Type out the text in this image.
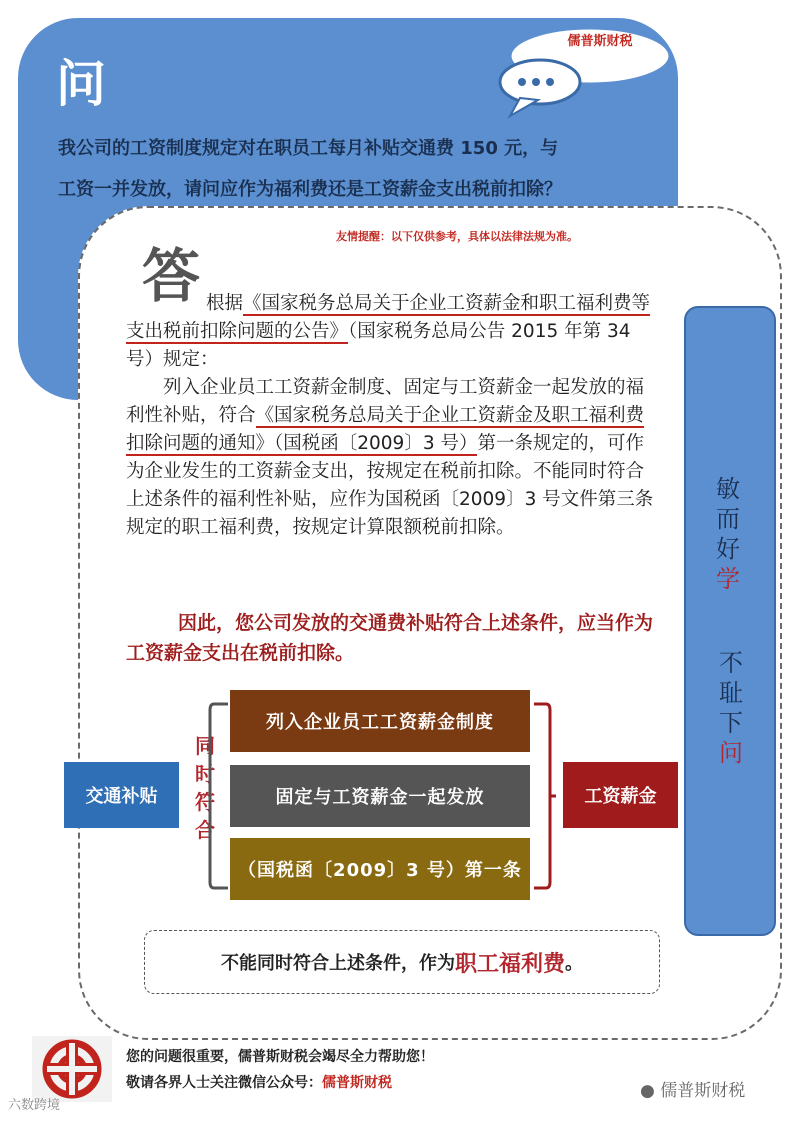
问
儒普斯财税
我公司的工资制度规定对在职员工每月补贴交通费 150 元，与
工资一并发放，请问应作为福利费还是工资薪金支出税前扣除？
友情提醒：以下仅供参考，具体以法律法规为准。
答 根据《国家税务总局关于企业工资薪金和职工福利费等支出税前扣除问题的公告》（国家税务总局公告 2015 年第 34 号）规定：

列入企业员工工资薪金制度、固定与工资薪金一起发放的福利性补贴，符合《国家税务总局关于企业工资薪金及职工福利费扣除问题的通知》（国税函〔2009〕3 号）第一条规定的，可作为企业发生的工资薪金支出，按规定在税前扣除。不能同时符合上述条件的福利性补贴，应作为国税函〔2009〕3 号文件第三条规定的职工福利费，按规定计算限额税前扣除。

因此，您公司发放的交通费补贴符合上述条件，应当作为工资薪金支出在税前扣除。
敏而好学
不耻下问
交通补贴
同时符合
列入企业员工工资薪金制度
固定与工资薪金一起发放
（国税函〔2009〕3 号）第一条
工资薪金
不能同时符合上述条件，作为 职工福利费 。
您的问题很重要，儒普斯财税会竭尽全力帮助您！
敬请各界人士关注微信公众号：儒普斯财税
六数跨境
● 儒普斯财税
